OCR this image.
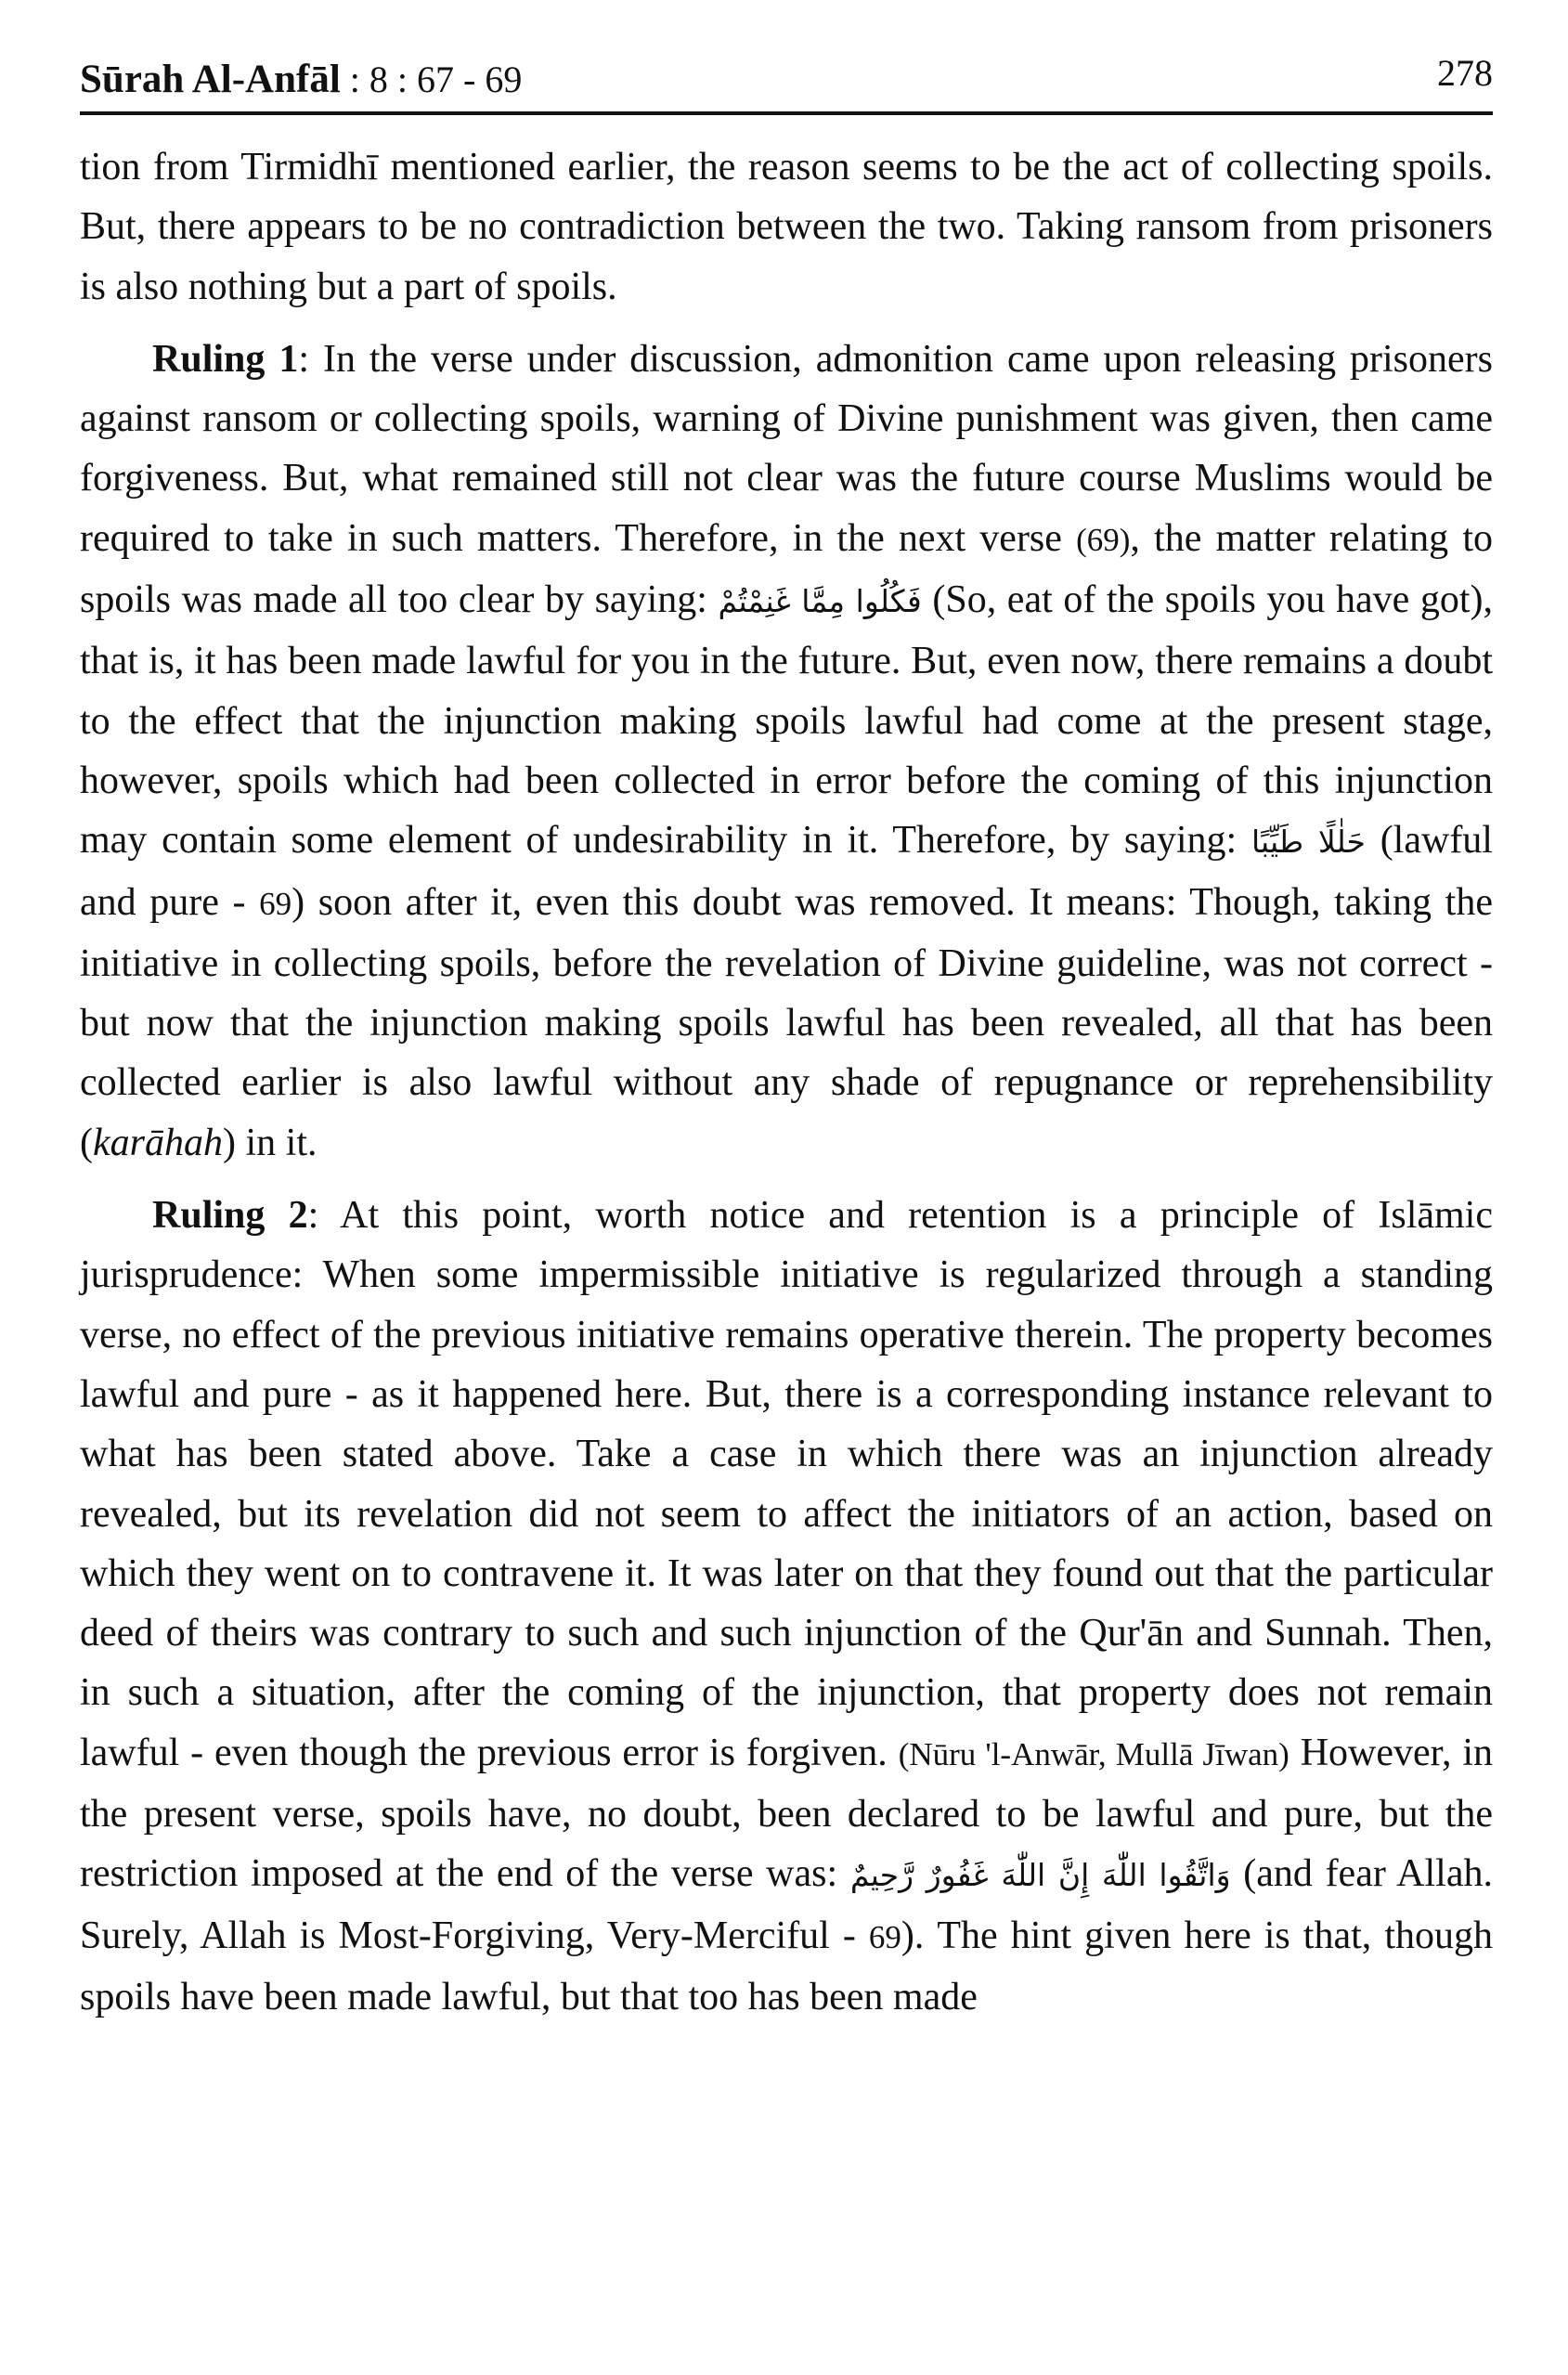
Sūrah Al-Anfāl : 8 : 67 - 69	278

tion from Tirmidhī mentioned earlier, the reason seems to be the act of collecting spoils. But, there appears to be no contradiction between the two. Taking ransom from prisoners is also nothing but a part of spoils.

Ruling 1: In the verse under discussion, admonition came upon releasing prisoners against ransom or collecting spoils, warning of Divine punishment was given, then came forgiveness. But, what remained still not clear was the future course Muslims would be required to take in such matters. Therefore, in the next verse (69), the matter relating to spoils was made all too clear by saying: فَكُلُوا مِمَّا غَنِمْتُمْ (So, eat of the spoils you have got), that is, it has been made lawful for you in the future. But, even now, there remains a doubt to the effect that the injunction making spoils lawful had come at the present stage, however, spoils which had been collected in error before the coming of this injunction may contain some element of undesirability in it. Therefore, by saying: حَلٰلًا طَيِّبًا (lawful and pure - 69) soon after it, even this doubt was removed. It means: Though, taking the initiative in collecting spoils, before the revelation of Divine guideline, was not correct - but now that the injunction making spoils lawful has been revealed, all that has been collected earlier is also lawful without any shade of repugnance or reprehensibility (karāhah) in it.

Ruling 2: At this point, worth notice and retention is a principle of Islāmic jurisprudence: When some impermissible initiative is regularized through a standing verse, no effect of the previous initiative remains operative therein. The property becomes lawful and pure - as it happened here. But, there is a corresponding instance relevant to what has been stated above. Take a case in which there was an injunction already revealed, but its revelation did not seem to affect the initiators of an action, based on which they went on to contravene it. It was later on that they found out that the particular deed of theirs was contrary to such and such injunction of the Qur'ān and Sunnah. Then, in such a situation, after the coming of the injunction, that property does not remain lawful - even though the previous error is forgiven. (Nūru 'l-Anwār, Mullā Jīwan) However, in the present verse, spoils have, no doubt, been declared to be lawful and pure, but the restriction imposed at the end of the verse was: وَاتَّقُوا اللّٰهَ إِنَّ اللّٰهَ غَفُورٌ رَّحِيمٌ (and fear Allah. Surely, Allah is Most-Forgiving, Very-Merciful - 69). The hint given here is that, though spoils have been made lawful, but that too has been made
